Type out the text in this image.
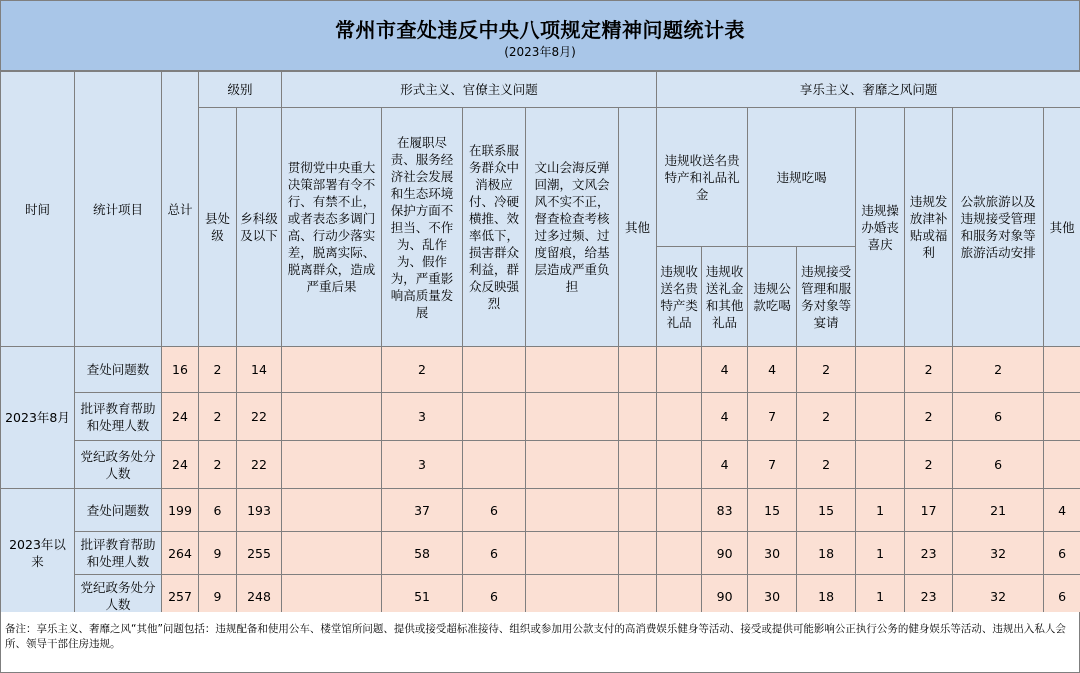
常州市查处违反中央八项规定精神问题统计表
(2023年8月)
时间	统计项目	总计	级别		形式主义、官僚主义问题					享乐主义、奢靡之风问题							
			县处级	乡科级及以下	贯彻党中央重大决策部署有令不行、有禁不止，或者表态多调门高、行动少落实差，脱离实际、脱离群众，造成严重后果	在履职尽责、服务经济社会发展和生态环境保护方面不担当、不作为、乱作为、假作为，严重影响高质量发展	在联系服务群众中消极应付、冷硬横推、效率低下，损害群众利益，群众反映强烈	文山会海反弹回潮，文风会风不实不正，督查检查考核过多过频、过度留痕，给基层造成严重负担	其他	违规收送名贵特产和礼品礼金		违规吃喝		违规操办婚丧喜庆	违规发放津补贴或福利	公款旅游以及违规接受管理和服务对象等旅游活动安排	其他
										违规收送名贵特产类礼品	违规收送礼金和其他礼品	违规公款吃喝	违规接受管理和服务对象等宴请				
2023年8月	查处问题数	16	2	14		2					4	4	2		2	2	
	批评教育帮助和处理人数	24	2	22		3					4	7	2		2	6	
	党纪政务处分人数	24	2	22		3					4	7	2		2	6	
2023年以来	查处问题数	199	6	193		37	6				83	15	15	1	17	21	4
	批评教育帮助和处理人数	264	9	255		58	6				90	30	18	1	23	32	6
	党纪政务处分人数	257	9	248		51	6				90	30	18	1	23	32	6
备注：享乐主义、奢靡之风“其他”问题包括：违规配备和使用公车、楼堂馆所问题、提供或接受超标准接待、组织或参加用公款支付的高消费娱乐健身等活动、接受或提供可能影响公正执行公务的健身娱乐等活动、违规出入私人会所、领导干部住房违规。
